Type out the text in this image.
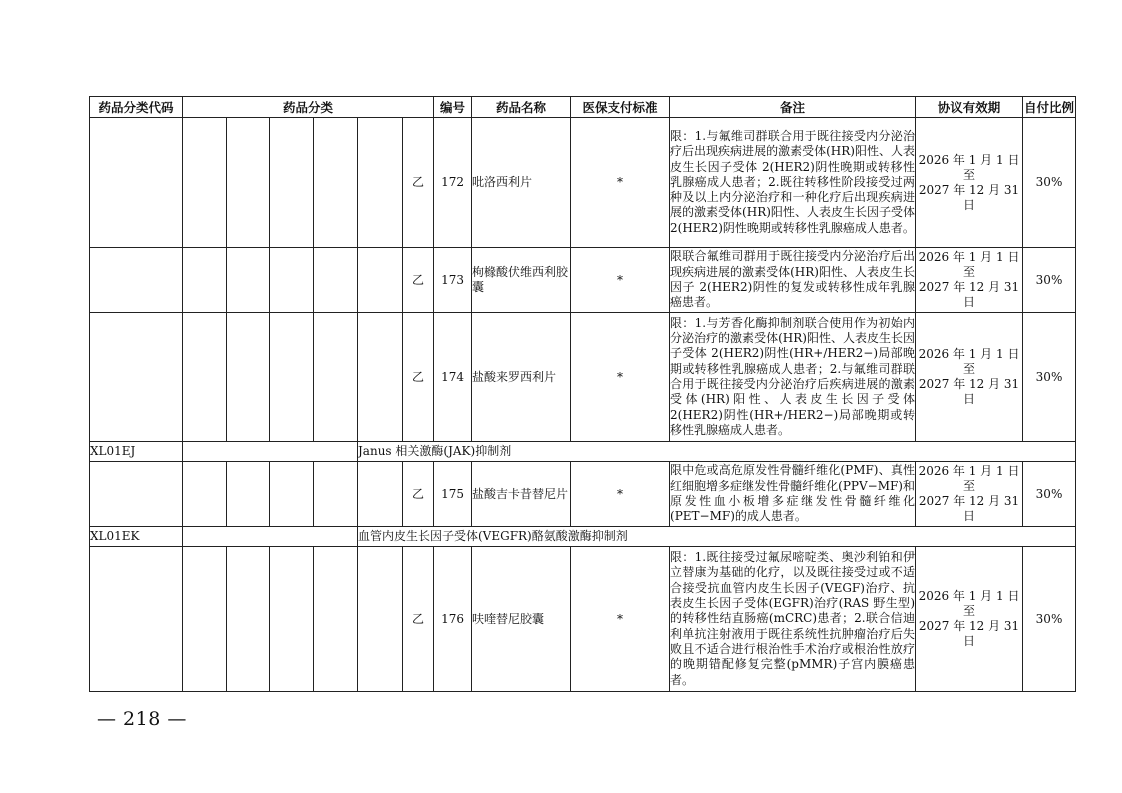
药品分类代码	药品分类						编号	药品名称	医保支付标准	备注	协议有效期	自付比例
						乙	172	吡洛西利片	*	限：1.与氟维司群联合用于既往接受内分泌治疗后出现疾病进展的激素受体(HR)阳性、人表皮生长因子受体 2(HER2)阴性晚期或转移性乳腺癌成人患者；2.既往转移性阶段接受过两种及以上内分泌治疗和一种化疗后出现疾病进展的激素受体(HR)阳性、人表皮生长因子受体 2(HER2)阴性晚期或转移性乳腺癌成人患者。	2026 年 1 月 1 日至
2027 年 12 月 31 日	30%
						乙	173	枸橼酸伏维西利胶囊	*	限联合氟维司群用于既往接受内分泌治疗后出现疾病进展的激素受体(HR)阳性、人表皮生长因子 2(HER2)阴性的复发或转移性成年乳腺癌患者。	2026 年 1 月 1 日至
2027 年 12 月 31 日	30%
						乙	174	盐酸来罗西利片	*	限：1.与芳香化酶抑制剂联合使用作为初始内分泌治疗的激素受体(HR)阳性、人表皮生长因子受体 2(HER2)阴性(HR+/HER2−)局部晚期或转移性乳腺癌成人患者；2.与氟维司群联合用于既往接受内分泌治疗后疾病进展的激素受体(HR)阳性、人表皮生长因子受体 2(HER2)阴性(HR+/HER2−)局部晚期或转移性乳腺癌成人患者。	2026 年 1 月 1 日至
2027 年 12 月 31 日	30%
XL01EJ					Janus 相关激酶(JAK)抑制剂							
						乙	175	盐酸吉卡昔替尼片	*	限中危或高危原发性骨髓纤维化(PMF)、真性红细胞增多症继发性骨髓纤维化(PPV−MF)和原发性血小板增多症继发性骨髓纤维化(PET−MF)的成人患者。	2026 年 1 月 1 日至
2027 年 12 月 31 日	30%
XL01EK					血管内皮生长因子受体(VEGFR)酪氨酸激酶抑制剂							
						乙	176	呋喹替尼胶囊	*	限：1.既往接受过氟尿嘧啶类、奥沙利铂和伊立替康为基础的化疗，以及既往接受过或不适合接受抗血管内皮生长因子(VEGF)治疗、抗表皮生长因子受体(EGFR)治疗(RAS 野生型)的转移性结直肠癌(mCRC)患者；2.联合信迪利单抗注射液用于既往系统性抗肿瘤治疗后失败且不适合进行根治性手术治疗或根治性放疗的晚期错配修复完整(pMMR)子宫内膜癌患者。	2026 年 1 月 1 日至
2027 年 12 月 31 日	30%
— 218 —
